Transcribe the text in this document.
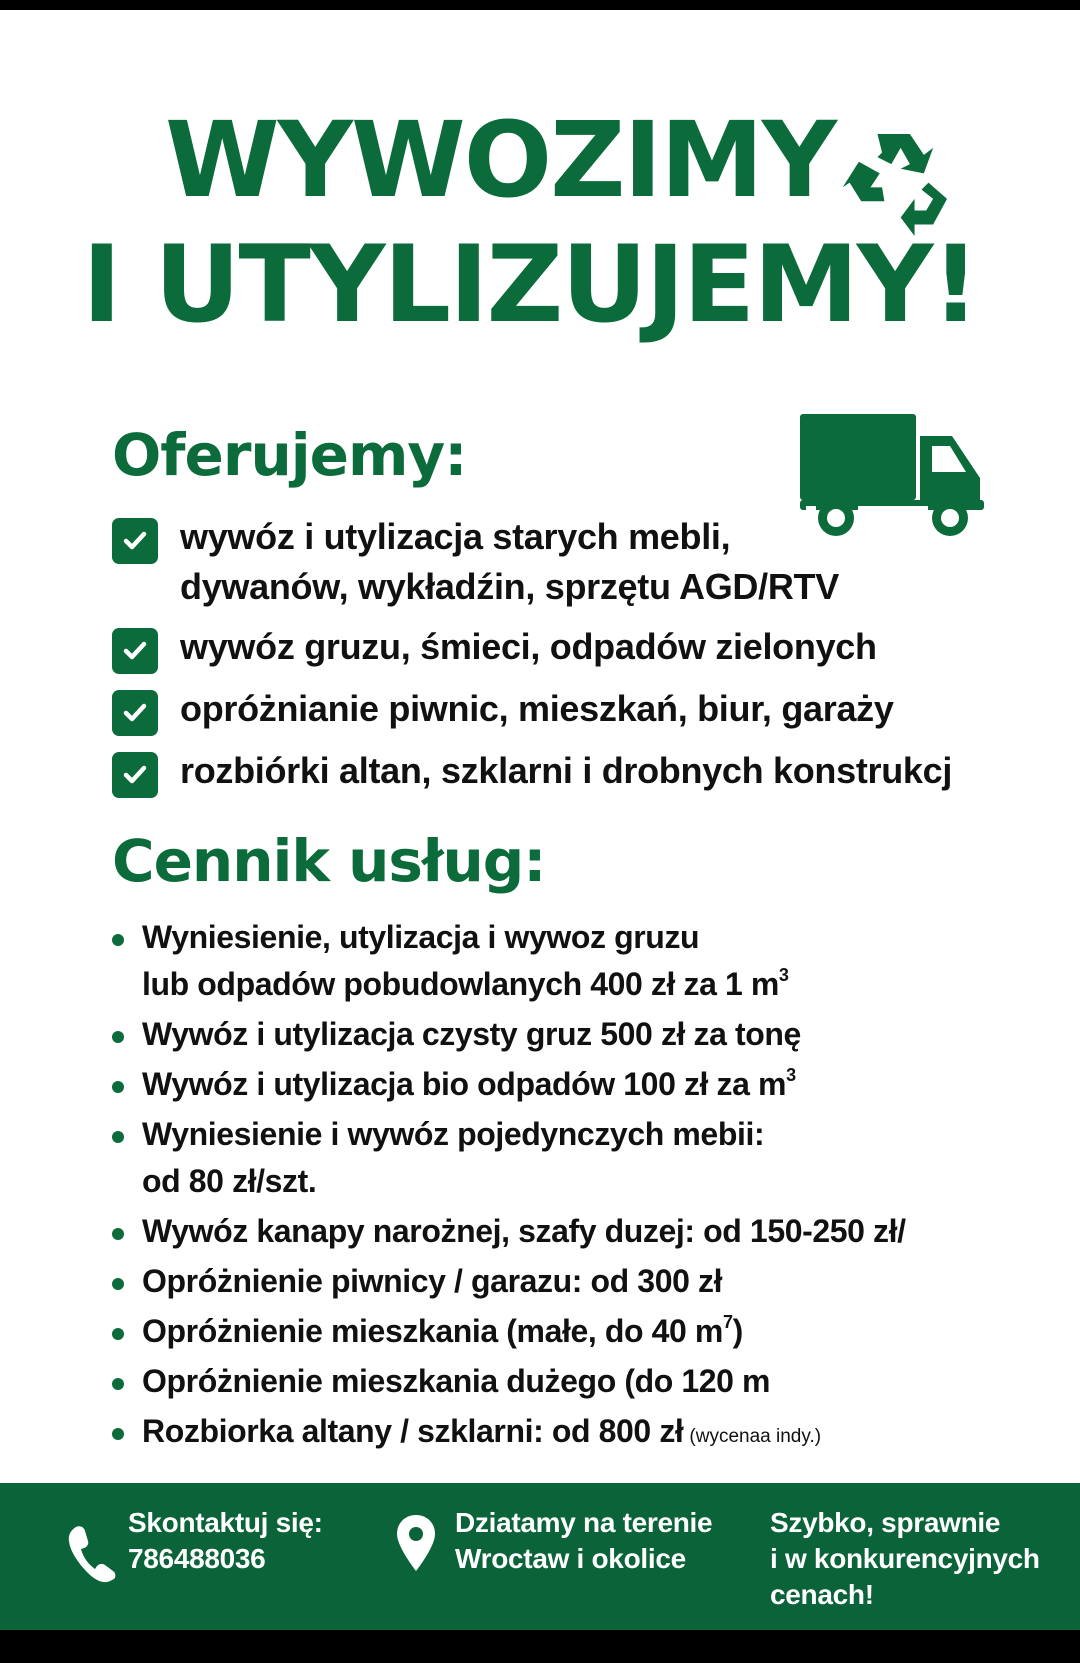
WYWOZIMY
I UTYLIZUJEMY!
Oferujemy:
wywóz i utylizacja starych mebli,
dywanów, wykładźin, sprzętu AGD/RTV
wywóz gruzu, śmieci, odpadów zielonych
opróżnianie piwnic, mieszkań, biur, garaży
rozbiórki altan, szklarni i drobnych konstrukcj
Cennik usług:
Wyniesienie, utylizacja i wywoz gruzu
lub odpadów pobudowlanych 400 zł za 1 $m^3$
Wywóz i utylizacja czysty gruz 500 zł za tonę
Wywóz i utylizacja bio odpadów 100 zł za $m^3$
Wyniesienie i wywóz pojedynczych mebii:
od 80 zł/szt.
Wywóz kanapy narożnej, szafy duzej: od 150-250 zł/
Opróżnienie piwnicy / garazu: od 300 zł
Opróżnienie mieszkania (małe, do 40 $m^7$)
Opróżnienie mieszkania dużego (do 120 m
Rozbiorka altany / szklarni: od 800 zł (wycenaa indy.)
Skontaktuj się:
786488036
Dziatamy na terenie
Wroctaw i okolice
Szybko, sprawnie
i w konkurencyjnych
cenach!
